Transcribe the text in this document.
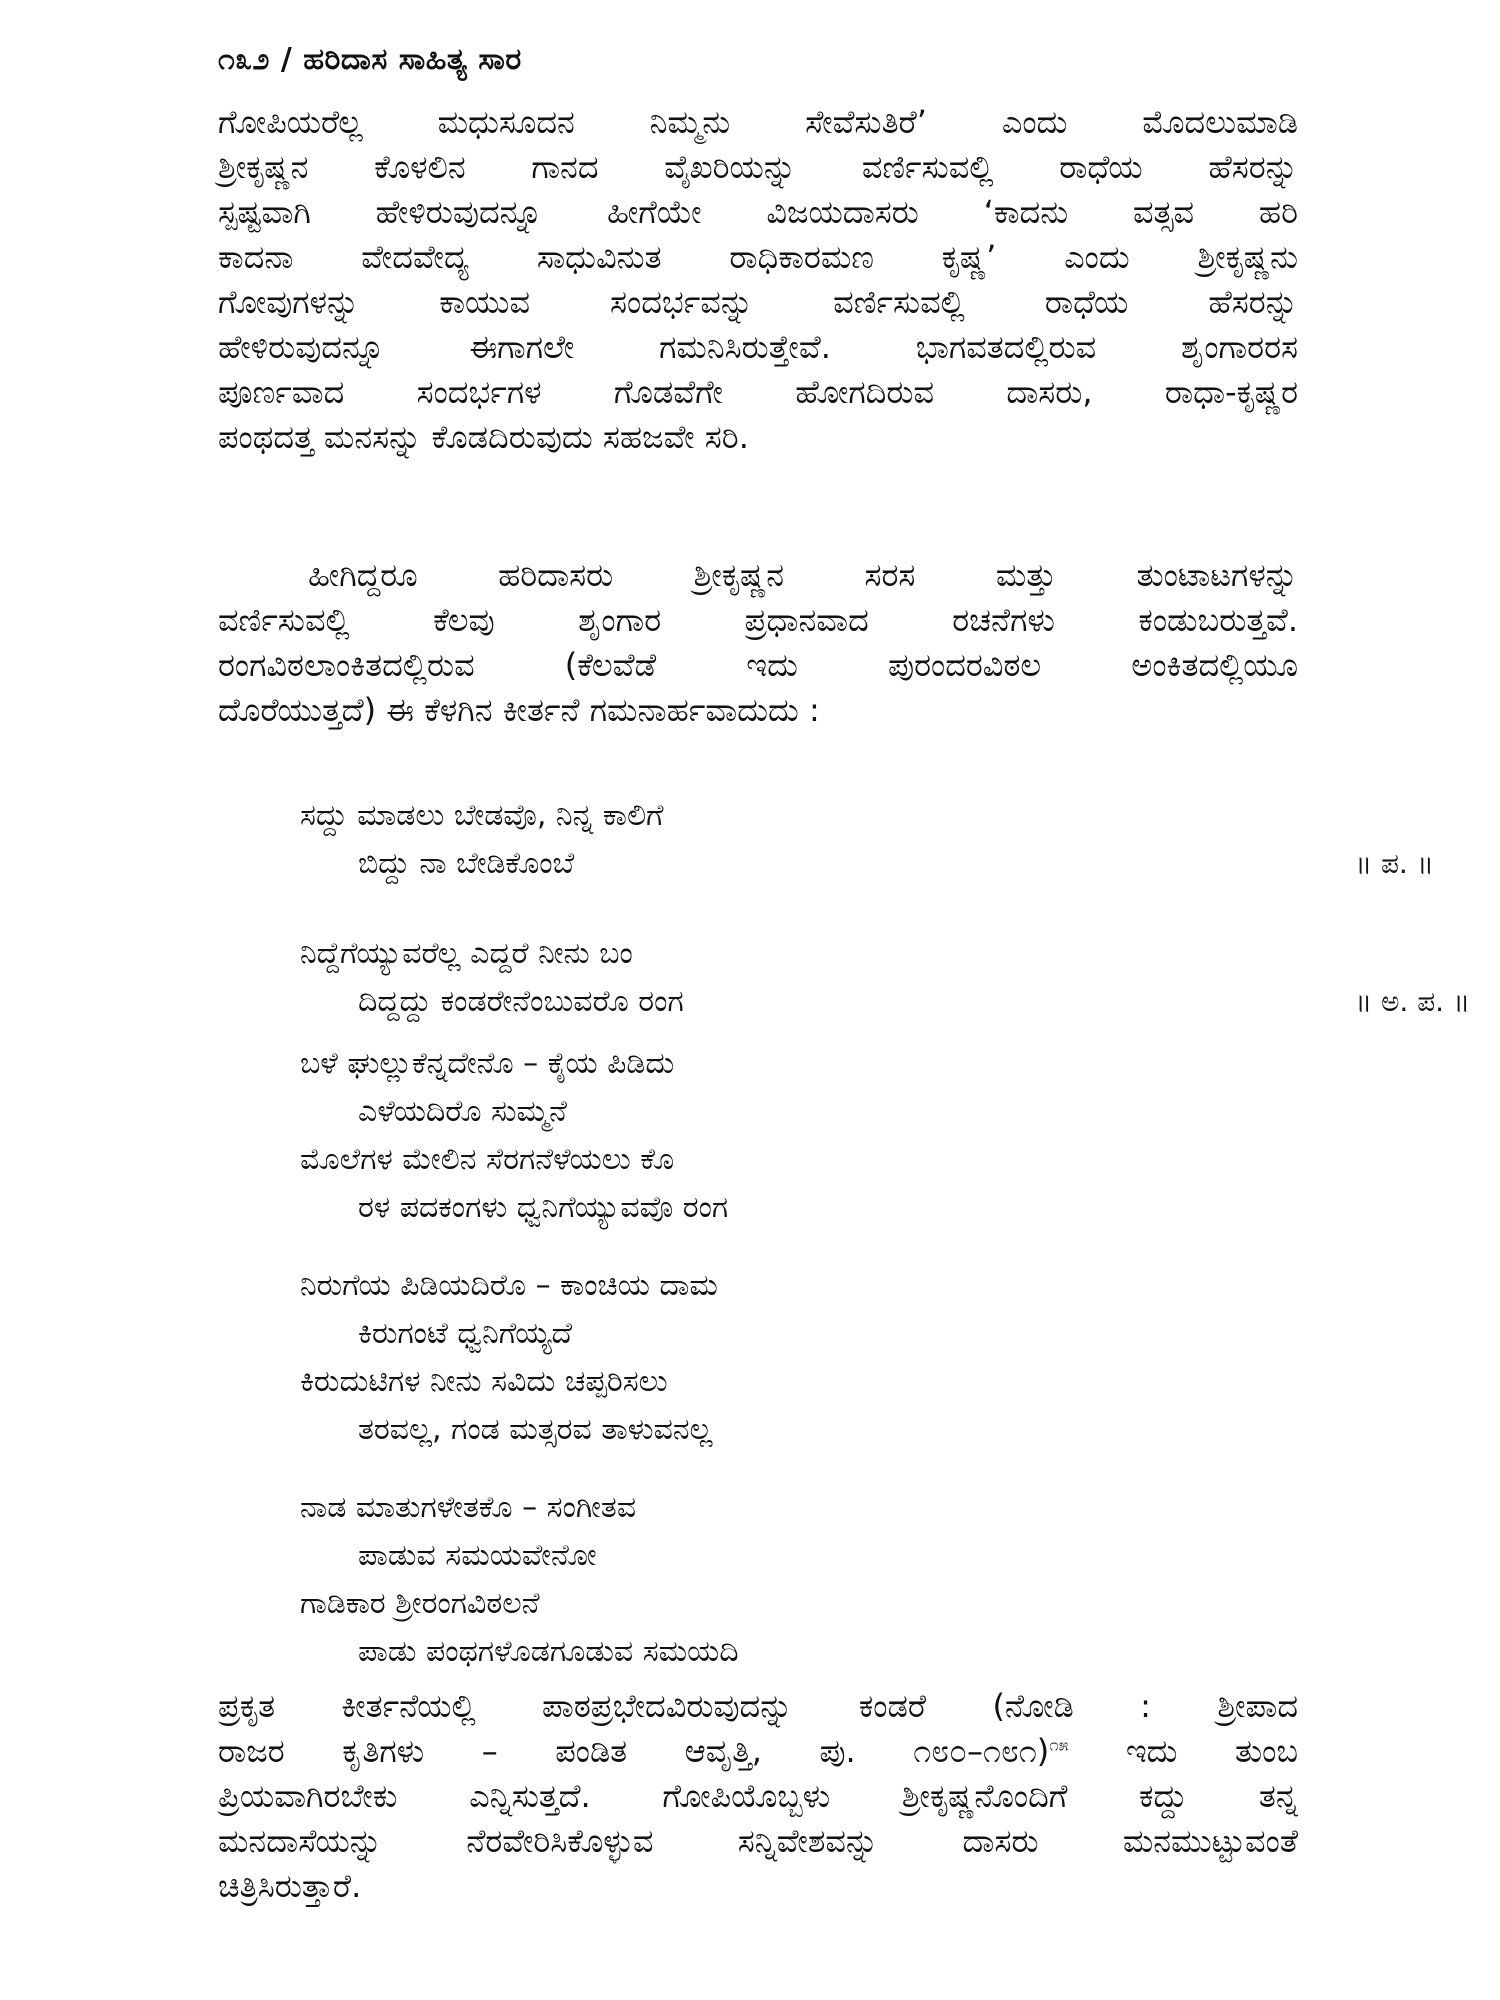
೧೩೨ / ಹರಿದಾಸ ಸಾಹಿತ್ಯ ಸಾರ
ಗೋಪಿಯರೆಲ್ಲ ಮಧುಸೂದನ ನಿಮ್ಮನು ಸೇವೆಸುತಿರೆ’ ಎಂದು ಮೊದಲುಮಾಡಿ
ಶ್ರೀಕೃಷ್ಣನ ಕೊಳಲಿನ ಗಾನದ ವೈಖರಿಯನ್ನು ವರ್ಣಿಸುವಲ್ಲಿ ರಾಧೆಯ ಹೆಸರನ್ನು
ಸ್ಪಷ್ಟವಾಗಿ ಹೇಳಿರುವುದನ್ನೂ ಹೀಗೆಯೇ ವಿಜಯದಾಸರು ‘ಕಾದನು ವತ್ಸವ ಹರಿ
ಕಾದನಾ ವೇದವೇದ್ಯ ಸಾಧುವಿನುತ ರಾಧಿಕಾರಮಣ ಕೃಷ್ಣ’ ಎಂದು ಶ್ರೀಕೃಷ್ಣನು
ಗೋವುಗಳನ್ನು ಕಾಯುವ ಸಂದರ್ಭವನ್ನು ವರ್ಣಿಸುವಲ್ಲಿ ರಾಧೆಯ ಹೆಸರನ್ನು
ಹೇಳಿರುವುದನ್ನೂ ಈಗಾಗಲೇ ಗಮನಿಸಿರುತ್ತೇವೆ. ಭಾಗವತದಲ್ಲಿರುವ ಶೃಂಗಾರರಸ
ಪೂರ್ಣವಾದ ಸಂದರ್ಭಗಳ ಗೊಡವೆಗೇ ಹೋಗದಿರುವ ದಾಸರು, ರಾಧಾ-ಕೃಷ್ಣರ
ಪಂಥದತ್ತ ಮನಸನ್ನು ಕೊಡದಿರುವುದು ಸಹಜವೇ ಸರಿ.
ಹೀಗಿದ್ದರೂ ಹರಿದಾಸರು ಶ್ರೀಕೃಷ್ಣನ ಸರಸ ಮತ್ತು ತುಂಟಾಟಗಳನ್ನು
ವರ್ಣಿಸುವಲ್ಲಿ ಕೆಲವು ಶೃಂಗಾರ ಪ್ರಧಾನವಾದ ರಚನೆಗಳು ಕಂಡುಬರುತ್ತವೆ.
ರಂಗವಿಠಲಾಂಕಿತದಲ್ಲಿರುವ (ಕೆಲವೆಡೆ ಇದು ಪುರಂದರವಿಠಲ ಅಂಕಿತದಲ್ಲಿಯೂ
ದೊರೆಯುತ್ತದೆ) ಈ ಕೆಳಗಿನ ಕೀರ್ತನೆ ಗಮನಾರ್ಹವಾದುದು :
ಸದ್ದು ಮಾಡಲು ಬೇಡವೊ, ನಿನ್ನ ಕಾಲಿಗೆ
ಬಿದ್ದು ನಾ ಬೇಡಿಕೊಂಬೆ	॥ ಪ. ॥
ನಿದ್ದೆಗೆಯ್ಯುವರೆಲ್ಲ ಎದ್ದರೆ ನೀನು ಬಂ
ದಿದ್ದದ್ದು ಕಂಡರೇನೆಂಬುವರೊ ರಂಗ	॥ ಅ. ಪ. ॥
ಬಳೆ ಘುಲ್ಲುಕೆನ್ನದೇನೊ – ಕೈಯ ಪಿಡಿದು
ಎಳೆಯದಿರೊ ಸುಮ್ಮನೆ
ಮೊಲೆಗಳ ಮೇಲಿನ ಸೆರಗನೆಳೆಯಲು ಕೊ
ರಳ ಪದಕಂಗಳು ಧ್ವನಿಗೆಯ್ಯುವವೊ ರಂಗ
ನಿರುಗೆಯ ಪಿಡಿಯದಿರೊ – ಕಾಂಚಿಯ ದಾಮ
ಕಿರುಗಂಟೆ ಧ್ವನಿಗೆಯ್ಯದೆ
ಕಿರುದುಟಿಗಳ ನೀನು ಸವಿದು ಚಪ್ಪರಿಸಲು
ತರವಲ್ಲ, ಗಂಡ ಮತ್ಸರವ ತಾಳುವನಲ್ಲ
ನಾಡ ಮಾತುಗಳೇತಕೊ – ಸಂಗೀತವ
ಪಾಡುವ ಸಮಯವೇನೋ
ಗಾಡಿಕಾರ ಶ್ರೀರಂಗವಿಠಲನೆ
ಪಾಡು ಪಂಥಗಳೊಡಗೂಡುವ ಸಮಯದಿ
ಪ್ರಕೃತ ಕೀರ್ತನೆಯಲ್ಲಿ ಪಾಠಪ್ರಭೇದವಿರುವುದನ್ನು ಕಂಡರೆ (ನೋಡಿ : ಶ್ರೀಪಾದ
ರಾಜರ ಕೃತಿಗಳು – ಪಂಡಿತ ಆವೃತ್ತಿ, ಪು. ೧೮೦–೧೮೧)$^{೧೫}$ ಇದು ತುಂಬ
ಪ್ರಿಯವಾಗಿರಬೇಕು ಎನ್ನಿಸುತ್ತದೆ. ಗೋಪಿಯೊಬ್ಬಳು ಶ್ರೀಕೃಷ್ಣನೊಂದಿಗೆ ಕದ್ದು ತನ್ನ
ಮನದಾಸೆಯನ್ನು ನೆರವೇರಿಸಿಕೊಳ್ಳುವ ಸನ್ನಿವೇಶವನ್ನು ದಾಸರು ಮನಮುಟ್ಟುವಂತೆ
ಚಿತ್ರಿಸಿರುತ್ತಾರೆ.
